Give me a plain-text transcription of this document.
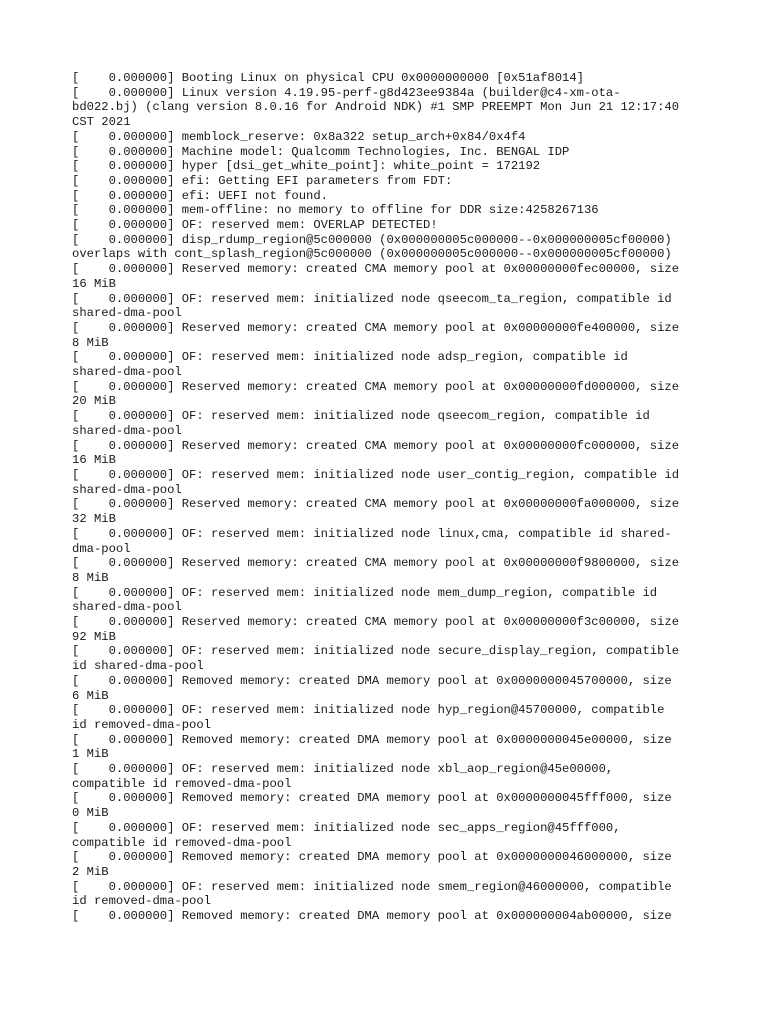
[    0.000000] Booting Linux on physical CPU 0x0000000000 [0x51af8014]
[    0.000000] Linux version 4.19.95-perf-g8d423ee9384a (builder@c4-xm-ota-
bd022.bj) (clang version 8.0.16 for Android NDK) #1 SMP PREEMPT Mon Jun 21 12:17:40
CST 2021
[    0.000000] memblock_reserve: 0x8a322 setup_arch+0x84/0x4f4
[    0.000000] Machine model: Qualcomm Technologies, Inc. BENGAL IDP
[    0.000000] hyper [dsi_get_white_point]: white_point = 172192
[    0.000000] efi: Getting EFI parameters from FDT:
[    0.000000] efi: UEFI not found.
[    0.000000] mem-offline: no memory to offline for DDR size:4258267136
[    0.000000] OF: reserved mem: OVERLAP DETECTED!
[    0.000000] disp_rdump_region@5c000000 (0x000000005c000000--0x000000005cf00000)
overlaps with cont_splash_region@5c000000 (0x000000005c000000--0x000000005cf00000)
[    0.000000] Reserved memory: created CMA memory pool at 0x00000000fec00000, size
16 MiB
[    0.000000] OF: reserved mem: initialized node qseecom_ta_region, compatible id
shared-dma-pool
[    0.000000] Reserved memory: created CMA memory pool at 0x00000000fe400000, size
8 MiB
[    0.000000] OF: reserved mem: initialized node adsp_region, compatible id
shared-dma-pool
[    0.000000] Reserved memory: created CMA memory pool at 0x00000000fd000000, size
20 MiB
[    0.000000] OF: reserved mem: initialized node qseecom_region, compatible id
shared-dma-pool
[    0.000000] Reserved memory: created CMA memory pool at 0x00000000fc000000, size
16 MiB
[    0.000000] OF: reserved mem: initialized node user_contig_region, compatible id
shared-dma-pool
[    0.000000] Reserved memory: created CMA memory pool at 0x00000000fa000000, size
32 MiB
[    0.000000] OF: reserved mem: initialized node linux,cma, compatible id shared-
dma-pool
[    0.000000] Reserved memory: created CMA memory pool at 0x00000000f9800000, size
8 MiB
[    0.000000] OF: reserved mem: initialized node mem_dump_region, compatible id
shared-dma-pool
[    0.000000] Reserved memory: created CMA memory pool at 0x00000000f3c00000, size
92 MiB
[    0.000000] OF: reserved mem: initialized node secure_display_region, compatible
id shared-dma-pool
[    0.000000] Removed memory: created DMA memory pool at 0x0000000045700000, size
6 MiB
[    0.000000] OF: reserved mem: initialized node hyp_region@45700000, compatible
id removed-dma-pool
[    0.000000] Removed memory: created DMA memory pool at 0x0000000045e00000, size
1 MiB
[    0.000000] OF: reserved mem: initialized node xbl_aop_region@45e00000,
compatible id removed-dma-pool
[    0.000000] Removed memory: created DMA memory pool at 0x0000000045fff000, size
0 MiB
[    0.000000] OF: reserved mem: initialized node sec_apps_region@45fff000,
compatible id removed-dma-pool
[    0.000000] Removed memory: created DMA memory pool at 0x0000000046000000, size
2 MiB
[    0.000000] OF: reserved mem: initialized node smem_region@46000000, compatible
id removed-dma-pool
[    0.000000] Removed memory: created DMA memory pool at 0x000000004ab00000, size
